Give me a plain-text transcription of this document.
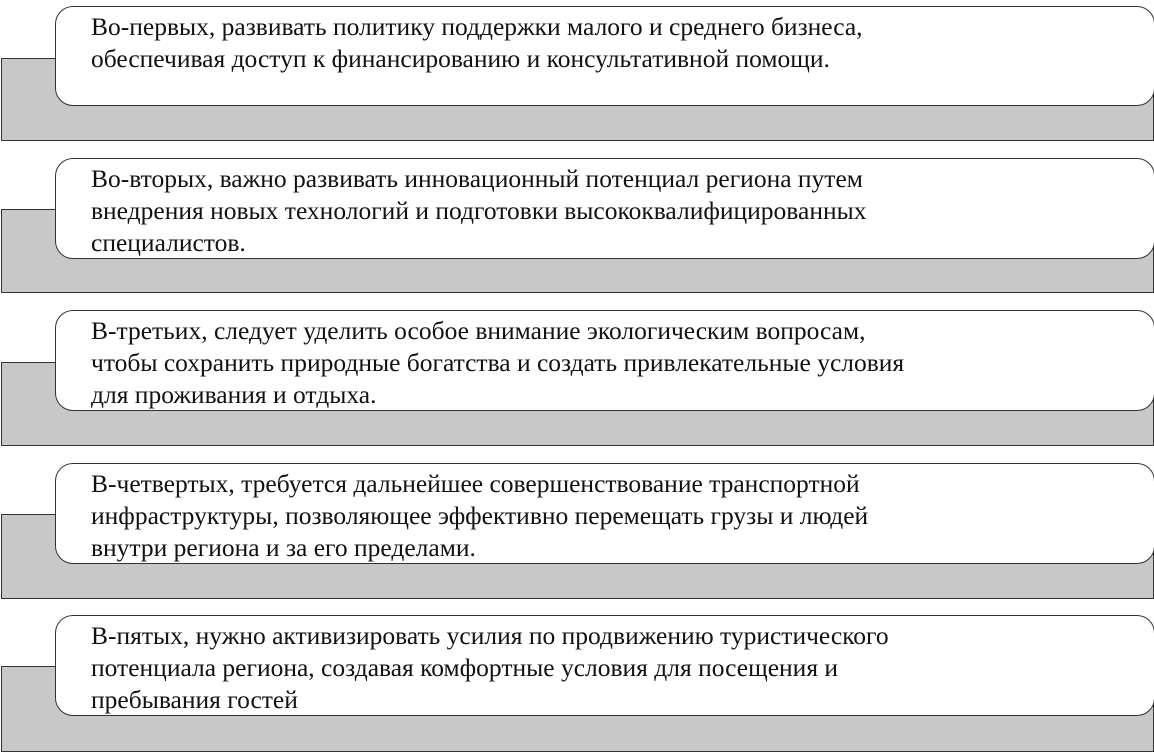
Во-первых, развивать политику поддержки малого и среднего бизнеса,
обеспечивая доступ к финансированию и консультативной помощи.

Во-вторых, важно развивать инновационный потенциал региона путем
внедрения новых технологий и подготовки высококвалифицированных
специалистов.

В-третьих, следует уделить особое внимание экологическим вопросам,
чтобы сохранить природные богатства и создать привлекательные условия
для проживания и отдыха.

В-четвертых, требуется дальнейшее совершенствование транспортной
инфраструктуры, позволяющее эффективно перемещать грузы и людей
внутри региона и за его пределами.

В-пятых, нужно активизировать усилия по продвижению туристического
потенциала региона, создавая комфортные условия для посещения и
пребывания гостей
